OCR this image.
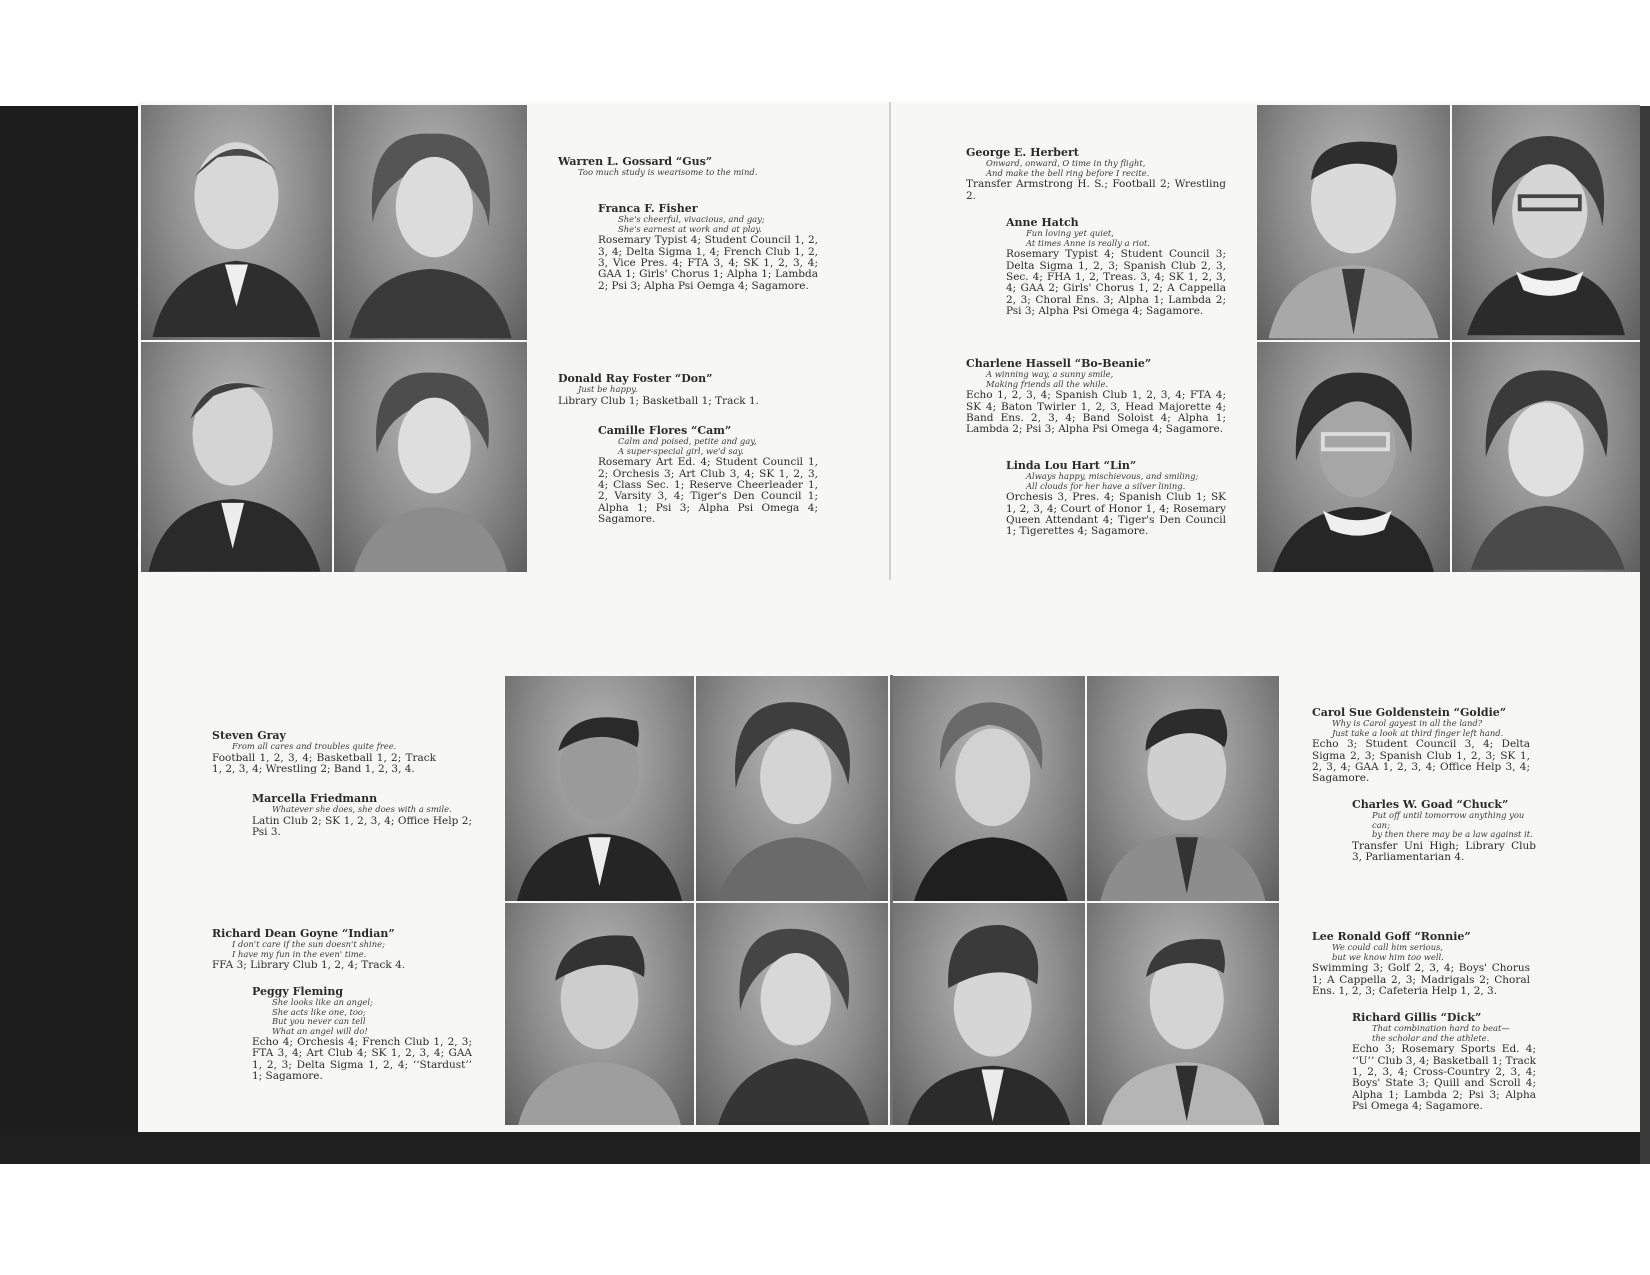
Warren L. Gossard “Gus”
Too much study is wearisome to the mind.
Franca F. Fisher
She's cheerful, vivacious, and gay;
She's earnest at work and at play.
Rosemary Typist 4; Student Council 1, 2, 3, 4; Delta Sigma 1, 4; French Club 1, 2, 3, Vice Pres. 4; FTA 3, 4; SK 1, 2, 3, 4; GAA 1; Girls' Chorus 1; Alpha 1; Lambda 2; Psi 3; Alpha Psi Oemga 4; Sagamore.
Donald Ray Foster “Don”
Just be happy.
Library Club 1; Basketball 1; Track 1.
Camille Flores “Cam”
Calm and poised, petite and gay,
A super-special girl, we'd say.
Rosemary Art Ed. 4; Student Council 1, 2; Orchesis 3; Art Club 3, 4; SK 1, 2, 3, 4; Class Sec. 1; Reserve Cheerleader 1, 2, Varsity 3, 4; Tiger's Den Council 1; Alpha 1; Psi 3; Alpha Psi Omega 4; Sagamore.
George E. Herbert
Onward, onward, O time in thy flight,
And make the bell ring before I recite.
Transfer Armstrong H. S.; Football 2; Wrestling 2.
Anne Hatch
Fun loving yet quiet,
At times Anne is really a riot.
Rosemary Typist 4; Student Council 3; Delta Sigma 1, 2, 3; Spanish Club 2, 3, Sec. 4; FHA 1, 2, Treas. 3, 4; SK 1, 2, 3, 4; GAA 2; Girls' Chorus 1, 2; A Cappella 2, 3; Choral Ens. 3; Alpha 1; Lambda 2; Psi 3; Alpha Psi Omega 4; Sagamore.
Charlene Hassell “Bo-Beanie”
A winning way, a sunny smile,
Making friends all the while.
Echo 1, 2, 3, 4; Spanish Club 1, 2, 3, 4; FTA 4; SK 4; Baton Twirler 1, 2, 3, Head Majorette 4; Band Ens. 2, 3, 4; Band Soloist 4; Alpha 1; Lambda 2; Psi 3; Alpha Psi Omega 4; Sagamore.
Linda Lou Hart “Lin”
Always happy, mischievous, and smiling;
All clouds for her have a silver lining.
Orchesis 3, Pres. 4; Spanish Club 1; SK 1, 2, 3, 4; Court of Honor 1, 4; Rosemary Queen Attendant 4; Tiger's Den Council 1; Tigerettes 4; Sagamore.
Steven Gray
From all cares and troubles quite free.
Football 1, 2, 3, 4; Basketball 1, 2; Track 1, 2, 3, 4; Wrestling 2; Band 1, 2, 3, 4.
Marcella Friedmann
Whatever she does, she does with a smile.
Latin Club 2; SK 1, 2, 3, 4; Office Help 2; Psi 3.
Richard Dean Goyne “Indian”
I don't care if the sun doesn't shine;
I have my fun in the even' time.
FFA 3; Library Club 1, 2, 4; Track 4.
Peggy Fleming
She looks like an angel;
She acts like one, too;
But you never can tell
What an angel will do!
Echo 4; Orchesis 4; French Club 1, 2, 3; FTA 3, 4; Art Club 4; SK 1, 2, 3, 4; GAA 1, 2, 3; Delta Sigma 1, 2, 4; ‘‘Stardust’’ 1; Sagamore.
Carol Sue Goldenstein “Goldie”
Why is Carol gayest in all the land?
Just take a look at third finger left hand.
Echo 3; Student Council 3, 4; Delta Sigma 2, 3; Spanish Club 1, 2, 3; SK 1, 2, 3, 4; GAA 1, 2, 3, 4; Office Help 3, 4; Sagamore.
Charles W. Goad “Chuck”
Put off until tomorrow anything you can;
by then there may be a law against it.
Transfer Uni High; Library Club 3, Parliamentarian 4.
Lee Ronald Goff “Ronnie”
We could call him serious,
but we know him too well.
Swimming 3; Golf 2, 3, 4; Boys' Chorus 1; A Cappella 2, 3; Madrigals 2; Choral Ens. 1, 2, 3; Cafeteria Help 1, 2, 3.
Richard Gillis “Dick”
That combination hard to beat—
the scholar and the athlete.
Echo 3; Rosemary Sports Ed. 4; ‘‘U’’ Club 3, 4; Basketball 1; Track 1, 2, 3, 4; Cross-Country 2, 3, 4; Boys' State 3; Quill and Scroll 4; Alpha 1; Lambda 2; Psi 3; Alpha Psi Omega 4; Sagamore.
